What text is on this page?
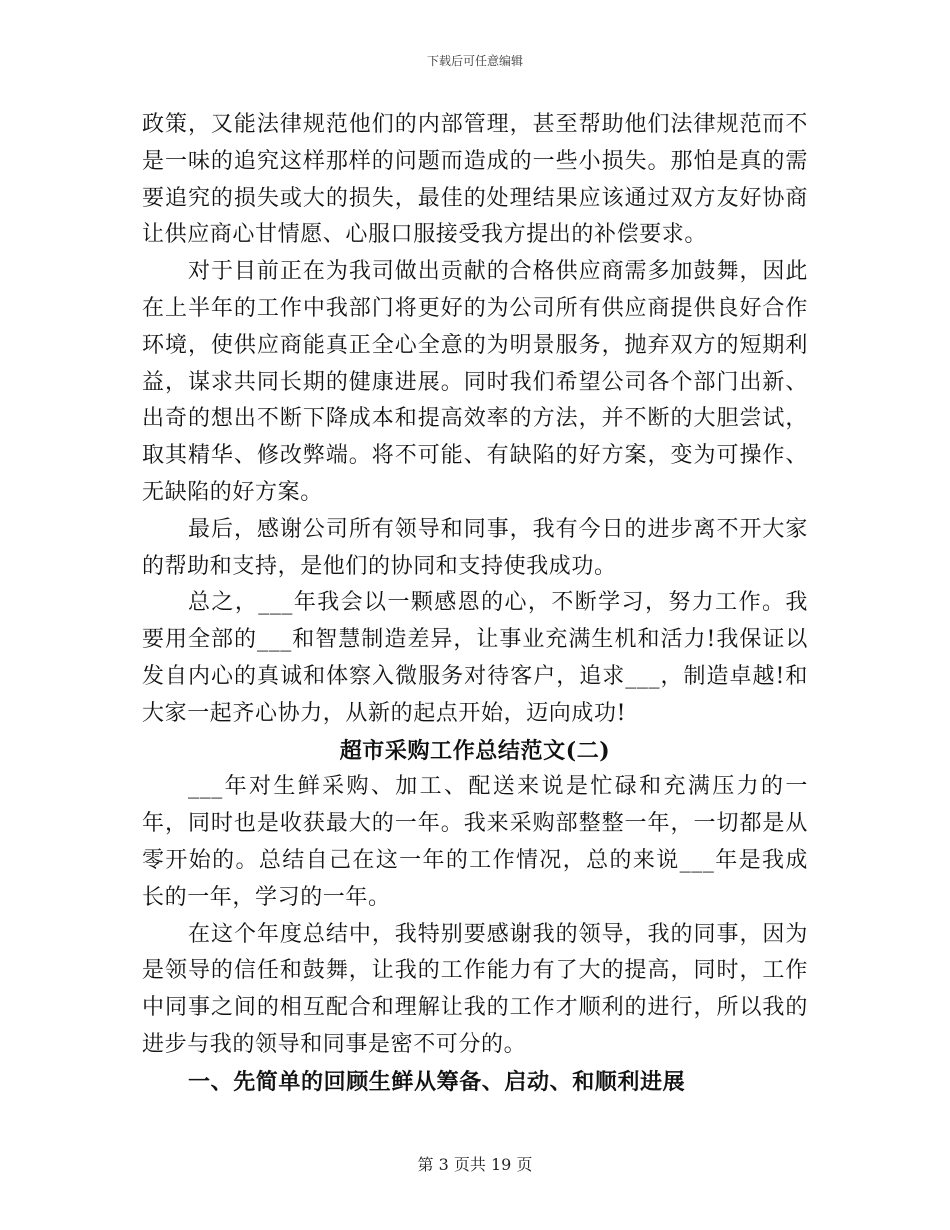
下载后可任意编辑

政策，又能法律规范他们的内部管理，甚至帮助他们法律规范而不是一味的追究这样那样的问题而造成的一些小损失。那怕是真的需要追究的损失或大的损失，最佳的处理结果应该通过双方友好协商让供应商心甘情愿、心服口服接受我方提出的补偿要求。

对于目前正在为我司做出贡献的合格供应商需多加鼓舞，因此在上半年的工作中我部门将更好的为公司所有供应商提供良好合作环境，使供应商能真正全心全意的为明景服务，抛弃双方的短期利益，谋求共同长期的健康进展。同时我们希望公司各个部门出新、出奇的想出不断下降成本和提高效率的方法，并不断的大胆尝试，取其精华、修改弊端。将不可能、有缺陷的好方案，变为可操作、无缺陷的好方案。

最后，感谢公司所有领导和同事，我有今日的进步离不开大家的帮助和支持，是他们的协同和支持使我成功。

总之，___年我会以一颗感恩的心，不断学习，努力工作。我要用全部的___和智慧制造差异，让事业充满生机和活力!我保证以发自内心的真诚和体察入微服务对待客户，追求___，制造卓越!和大家一起齐心协力，从新的起点开始，迈向成功!

超市采购工作总结范文(二)

___年对生鲜采购、加工、配送来说是忙碌和充满压力的一年，同时也是收获最大的一年。我来采购部整整一年，一切都是从零开始的。总结自己在这一年的工作情况，总的来说___年是我成长的一年，学习的一年。

在这个年度总结中，我特别要感谢我的领导，我的同事，因为是领导的信任和鼓舞，让我的工作能力有了大的提高，同时，工作中同事之间的相互配合和理解让我的工作才顺利的进行，所以我的进步与我的领导和同事是密不可分的。

一、先简单的回顾生鲜从筹备、启动、和顺利进展
第 3 页共 19 页
